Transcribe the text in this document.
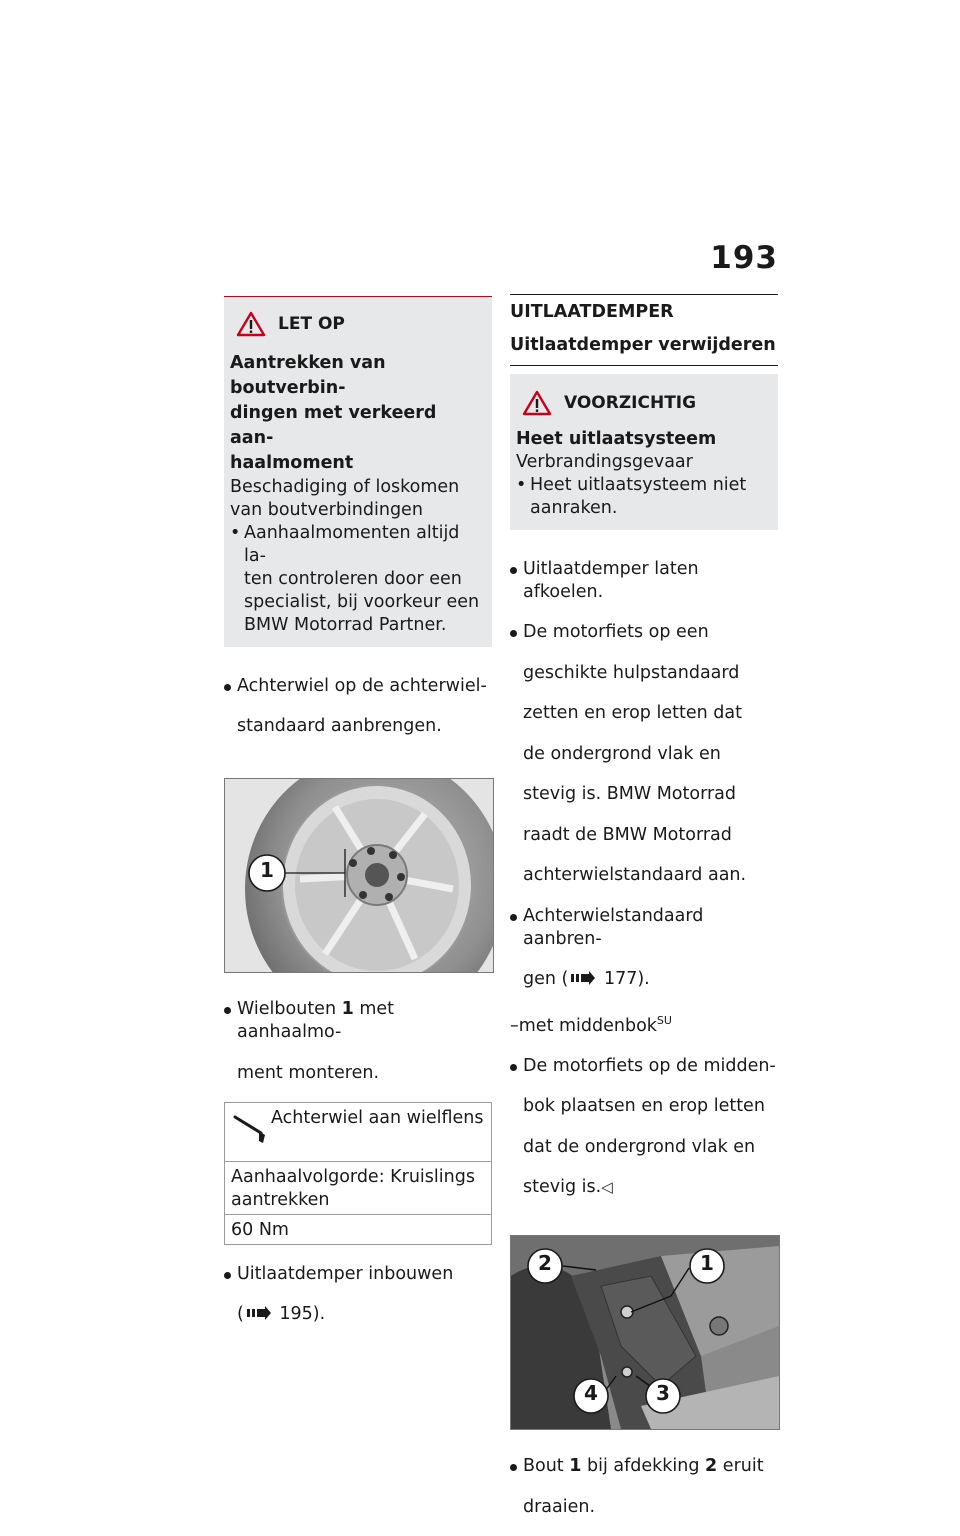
193
LET OP

Aantrekken van boutverbin-

dingen met verkeerd aan-

haalmoment

Beschadiging of loskomen

van boutverbindingen

• Aanhaalmomenten altijd la-

ten controleren door een

specialist, bij voorkeur een

BMW Motorrad Partner.

Achterwiel op de achterwiel-

standaard aanbrengen.

1

Wielbouten 1 met aanhaalmo-

ment monteren.

Achterwiel aan wielflens

Aanhaalvolgorde: Kruislings

aantrekken

60 Nm

Uitlaatdemper inbouwen

( 195).

UITLAATDEMPER
Uitlaatdemper verwijderen
VOORZICHTIG

Heet uitlaatsysteem

Verbrandingsgevaar

• Heet uitlaatsysteem niet

aanraken.

Uitlaatdemper laten afkoelen.

De motorfiets op een

geschikte hulpstandaard

zetten en erop letten dat

de ondergrond vlak en

stevig is. BMW Motorrad

raadt de BMW Motorrad

achterwielstandaard aan.

Achterwielstandaard aanbren-

gen ( 177).

–met middenbok$^{SU}$

De motorfiets op de midden-

bok plaatsen en erop letten

dat de ondergrond vlak en

stevig is.◁

1
2
3
4

Bout 1 bij afdekking 2 eruit

draaien.
